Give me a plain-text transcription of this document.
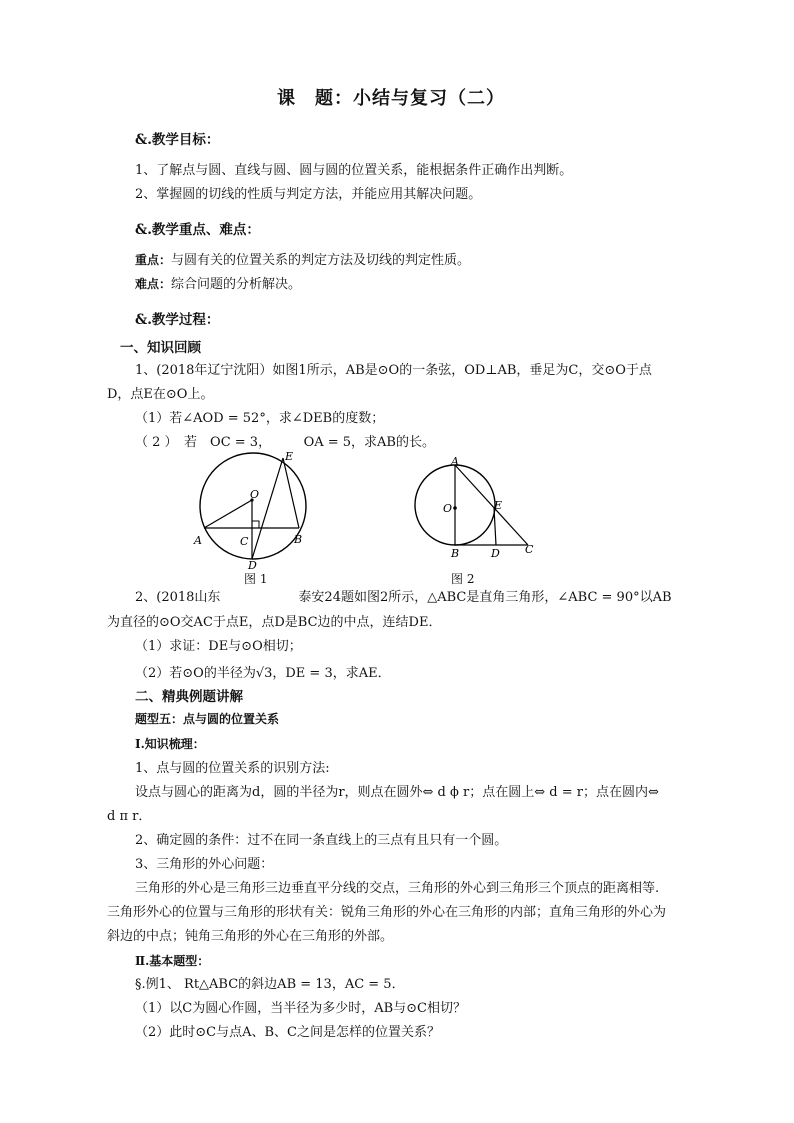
课　题：小结与复习（二）
&.教学目标：
1、了解点与圆、直线与圆、圆与圆的位置关系，能根据条件正确作出判断。
2、掌握圆的切线的性质与判定方法，并能应用其解决问题。
&.教学重点、难点：
重点：与圆有关的位置关系的判定方法及切线的判定性质。
难点：综合问题的分析解决。
&.教学过程：
一、知识回顾
1、(2018年辽宁沈阳）如图1所示，AB是⊙O的一条弦，OD⊥AB，垂足为C，交⊙O于点
D，点E在⊙O上。
（1）若∠AOD = 52°，求∠DEB的度数；
（ 2 ）　若　OC = 3，　　　OA = 5，求AB的长。
A	B
C
D
E
O
图 1
A
B	C
D
E
O
图 2
2、(2018山东　　　　　　泰安24题如图2所示，△ABC是直角三角形，∠ABC = 90°以AB
为直径的⊙O交AC于点E，点D是BC边的中点，连结DE．
（1）求证：DE与⊙O相切；
（2）若⊙O的半径为√3，DE = 3，求AE．
二、精典例题讲解
题型五：点与圆的位置关系
Ⅰ.知识梳理：
1、点与圆的位置关系的识别方法:
设点与圆心的距离为d，圆的半径为r，则点在圆外⇔ d ϕ r；点在圆上⇔ d = r；点在圆内⇔
d π r．
2、确定圆的条件：过不在同一条直线上的三点有且只有一个圆。
3、三角形的外心问题：
三角形的外心是三角形三边垂直平分线的交点，三角形的外心到三角形三个顶点的距离相等.
三角形外心的位置与三角形的形状有关：锐角三角形的外心在三角形的内部；直角三角形的外心为
斜边的中点；钝角三角形的外心在三角形的外部。
Ⅱ.基本题型：
§.例1、 Rt△ABC的斜边AB = 13，AC = 5．
（1）以C为圆心作圆，当半径为多少时，AB与⊙C相切？
（2）此时⊙C与点A、B、C之间是怎样的位置关系？
